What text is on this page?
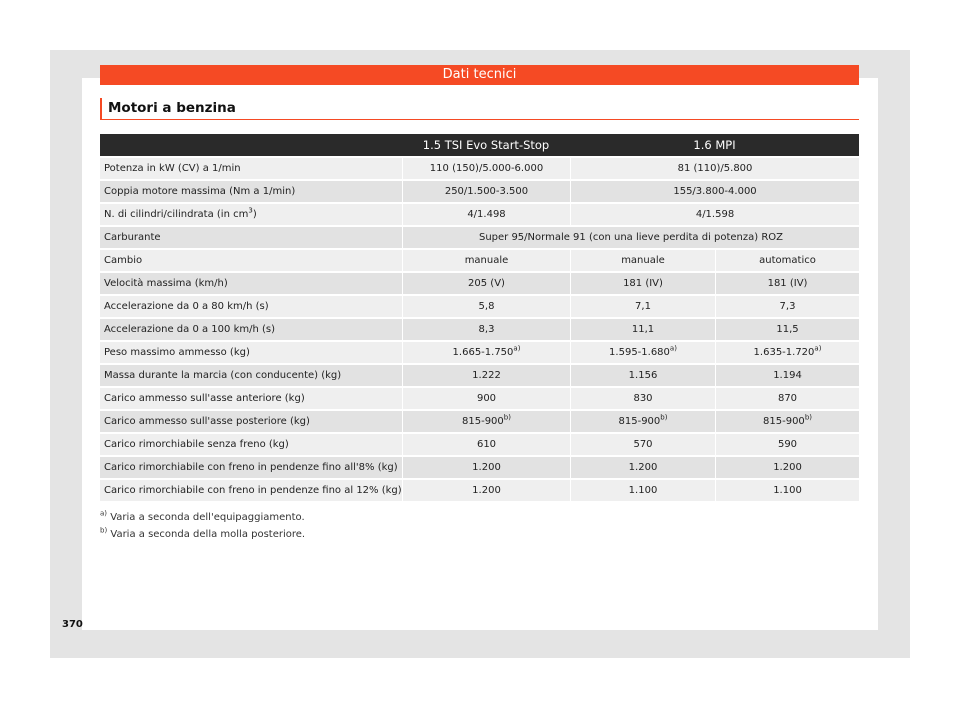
Dati tecnici
Motori a benzina
	1.5 TSI Evo Start-Stop	1.6 MPI	
Potenza in kW (CV) a 1/min	110 (150)/5.000-6.000	81 (110)/5.800	
Coppia motore massima (Nm a 1/min)	250/1.500-3.500	155/3.800-4.000	
N. di cilindri/cilindrata (in $cm^3$)	4/1.498	4/1.598	
Carburante	Super 95/Normale 91 (con una lieve perdita di potenza) ROZ		
Cambio	manuale	manuale	automatico
Velocità massima (km/h)	205 (V)	181 (IV)	181 (IV)
Accelerazione da 0 a 80 km/h (s)	5,8	7,1	7,3
Accelerazione da 0 a 100 km/h (s)	8,3	11,1	11,5
Peso massimo ammesso (kg)	1.665-1.750$^{a)}$	1.595-1.680$^{a)}$	1.635-1.720$^{a)}$
Massa durante la marcia (con conducente) (kg)	1.222	1.156	1.194
Carico ammesso sull'asse anteriore (kg)	900	830	870
Carico ammesso sull'asse posteriore (kg)	815-900$^{b)}$	815-900$^{b)}$	815-900$^{b)}$
Carico rimorchiabile senza freno (kg)	610	570	590
Carico rimorchiabile con freno in pendenze fino all'8% (kg)	1.200	1.200	1.200
Carico rimorchiabile con freno in pendenze fino al 12% (kg)	1.200	1.100	1.100
$^{a)}$ Varia a seconda dell'equipaggiamento.
$^{b)}$ Varia a seconda della molla posteriore.
370
